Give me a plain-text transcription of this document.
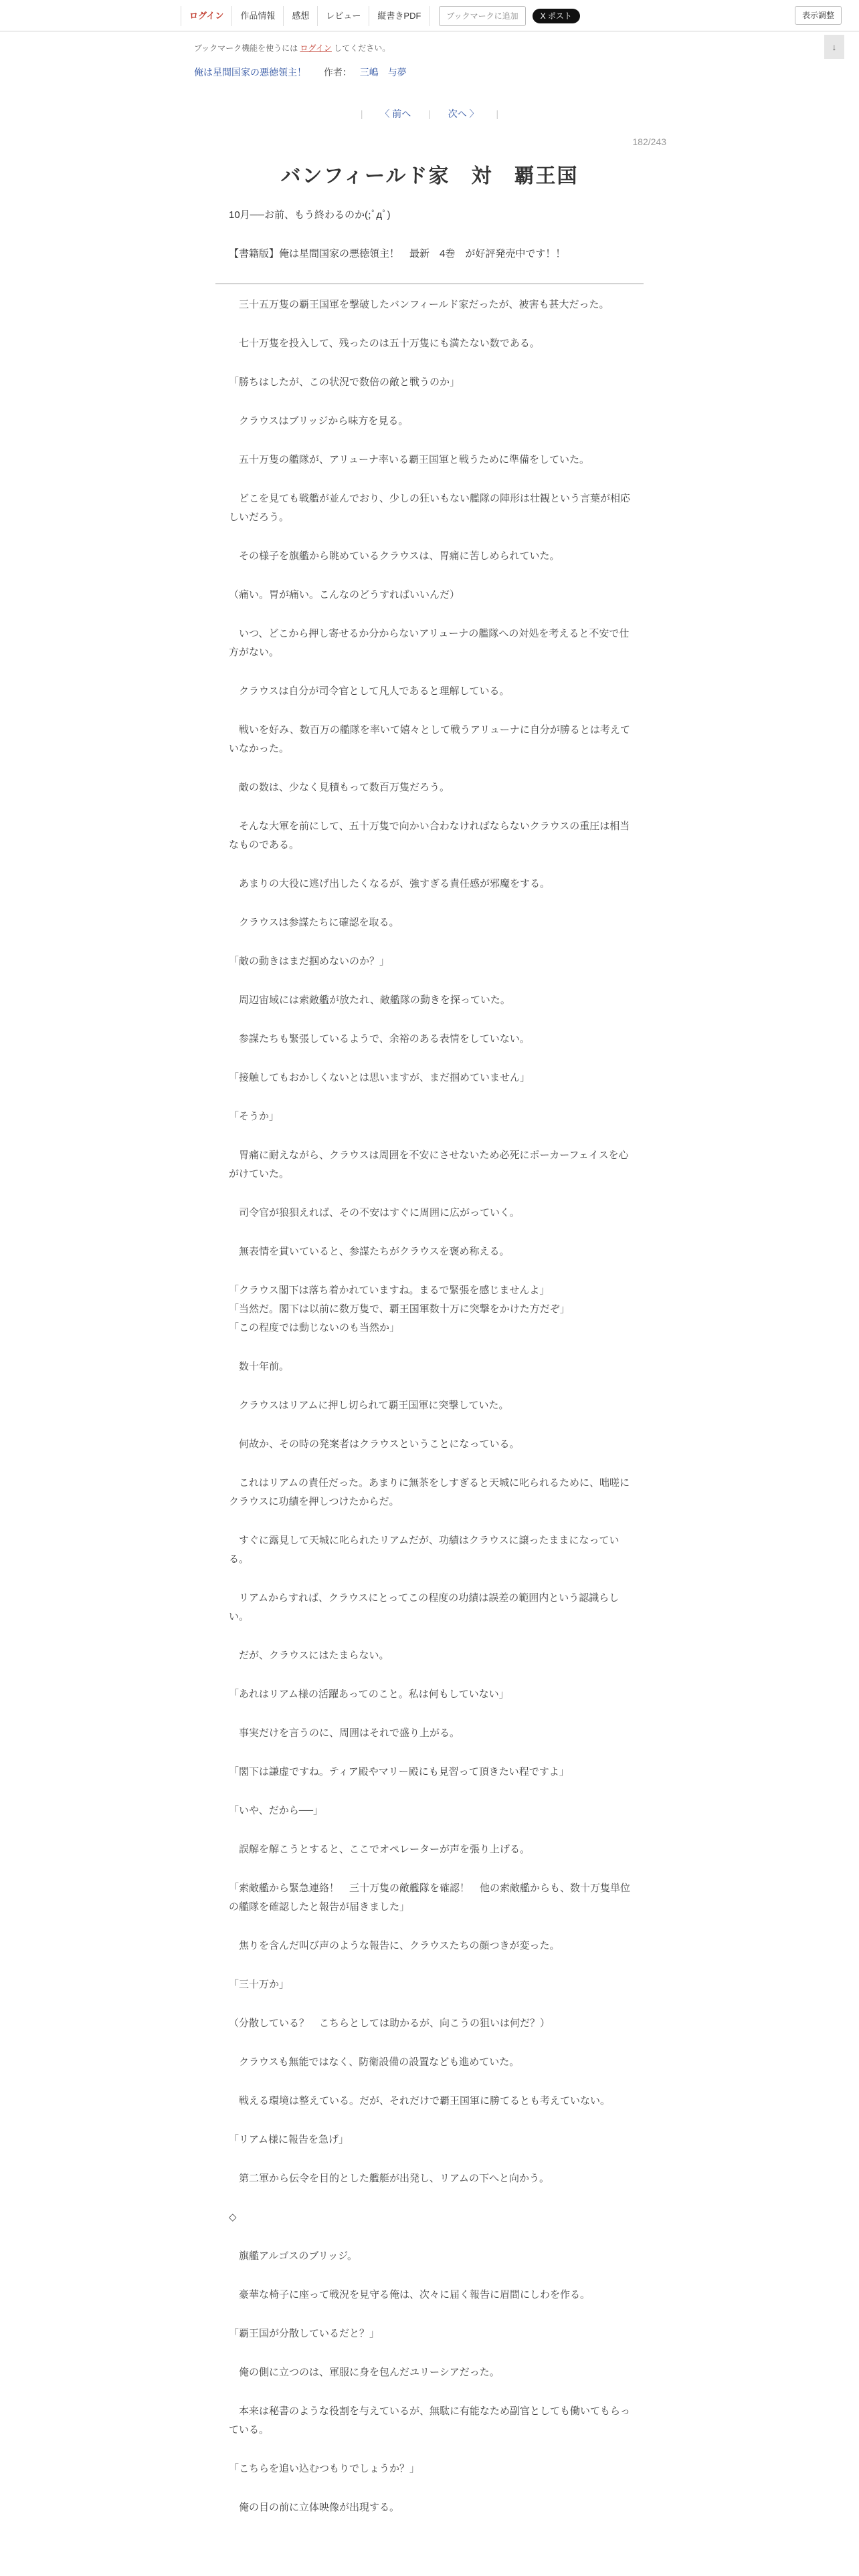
ログイン	作品情報	感想	レビュー	縦書きPDF	ブックマークに追加	X ポスト	表示調整
ブックマーク機能を使うには ログイン してください。	↓
俺は星間国家の悪徳領主！ 作者： 三嶋　与夢
| 〈 前へ | 次へ 〉 |
182/243
バンフィールド家　対　覇王国
10月──お前、もう終わるのか(;ﾟдﾟ)
【書籍版】俺は星間国家の悪徳領主！　最新　4巻　が好評発売中です！！

　三十五万隻の覇王国軍を撃破したバンフィールド家だったが、被害も甚大だった。

　七十万隻を投入して、残ったのは五十万隻にも満たない数である。

「勝ちはしたが、この状況で数倍の敵と戦うのか」

　クラウスはブリッジから味方を見る。

　五十万隻の艦隊が、アリューナ率いる覇王国軍と戦うために準備をしていた。

　どこを見ても戦艦が並んでおり、少しの狂いもない艦隊の陣形は壮観という言葉が相応しいだろう。

　その様子を旗艦から眺めているクラウスは、胃痛に苦しめられていた。

（痛い。胃が痛い。こんなのどうすればいいんだ）

　いつ、どこから押し寄せるか分からないアリューナの艦隊への対処を考えると不安で仕方がない。

　クラウスは自分が司令官として凡人であると理解している。

　戦いを好み、数百万の艦隊を率いて嬉々として戦うアリューナに自分が勝るとは考えていなかった。

　敵の数は、少なく見積もって数百万隻だろう。

　そんな大軍を前にして、五十万隻で向かい合わなければならないクラウスの重圧は相当なものである。

　あまりの大役に逃げ出したくなるが、強すぎる責任感が邪魔をする。

　クラウスは参謀たちに確認を取る。

「敵の動きはまだ掴めないのか？」

　周辺宙域には索敵艦が放たれ、敵艦隊の動きを探っていた。

　参謀たちも緊張しているようで、余裕のある表情をしていない。

「接触してもおかしくないとは思いますが、まだ掴めていません」

「そうか」

　胃痛に耐えながら、クラウスは周囲を不安にさせないため必死にポーカーフェイスを心がけていた。

　司令官が狼狽えれば、その不安はすぐに周囲に広がっていく。

　無表情を貫いていると、参謀たちがクラウスを褒め称える。

「クラウス閣下は落ち着かれていますね。まるで緊張を感じませんよ」
「当然だ。閣下は以前に数万隻で、覇王国軍数十万に突撃をかけた方だぞ」
「この程度では動じないのも当然か」

　数十年前。

　クラウスはリアムに押し切られて覇王国軍に突撃していた。

　何故か、その時の発案者はクラウスということになっている。

　これはリアムの責任だった。あまりに無茶をしすぎると天城に叱られるために、咄嗟にクラウスに功績を押しつけたからだ。

　すぐに露見して天城に叱られたリアムだが、功績はクラウスに譲ったままになっている。

　リアムからすれば、クラウスにとってこの程度の功績は誤差の範囲内という認識らしい。

　だが、クラウスにはたまらない。

「あれはリアム様の活躍あってのこと。私は何もしていない」

　事実だけを言うのに、周囲はそれで盛り上がる。

「閣下は謙虚ですね。ティア殿やマリー殿にも見習って頂きたい程ですよ」

「いや、だから──」

　誤解を解こうとすると、ここでオペレーターが声を張り上げる。

「索敵艦から緊急連絡！　三十万隻の敵艦隊を確認！　他の索敵艦からも、数十万隻単位の艦隊を確認したと報告が届きました」

　焦りを含んだ叫び声のような報告に、クラウスたちの顔つきが変った。

「三十万か」

（分散している？　こちらとしては助かるが、向こうの狙いは何だ？）

　クラウスも無能ではなく、防衛設備の設置なども進めていた。

　戦える環境は整えている。だが、それだけで覇王国軍に勝てるとも考えていない。

「リアム様に報告を急げ」

　第二軍から伝令を目的とした艦艇が出発し、リアムの下へと向かう。

◇

　旗艦アルゴスのブリッジ。

　豪華な椅子に座って戦況を見守る俺は、次々に届く報告に眉間にしわを作る。

「覇王国が分散しているだと？」

　俺の側に立つのは、軍服に身を包んだユリーシアだった。

　本来は秘書のような役割を与えているが、無駄に有能なため副官としても働いてもらっている。

「こちらを追い込むつもりでしょうか？」

　俺の目の前に立体映像が出現する。
